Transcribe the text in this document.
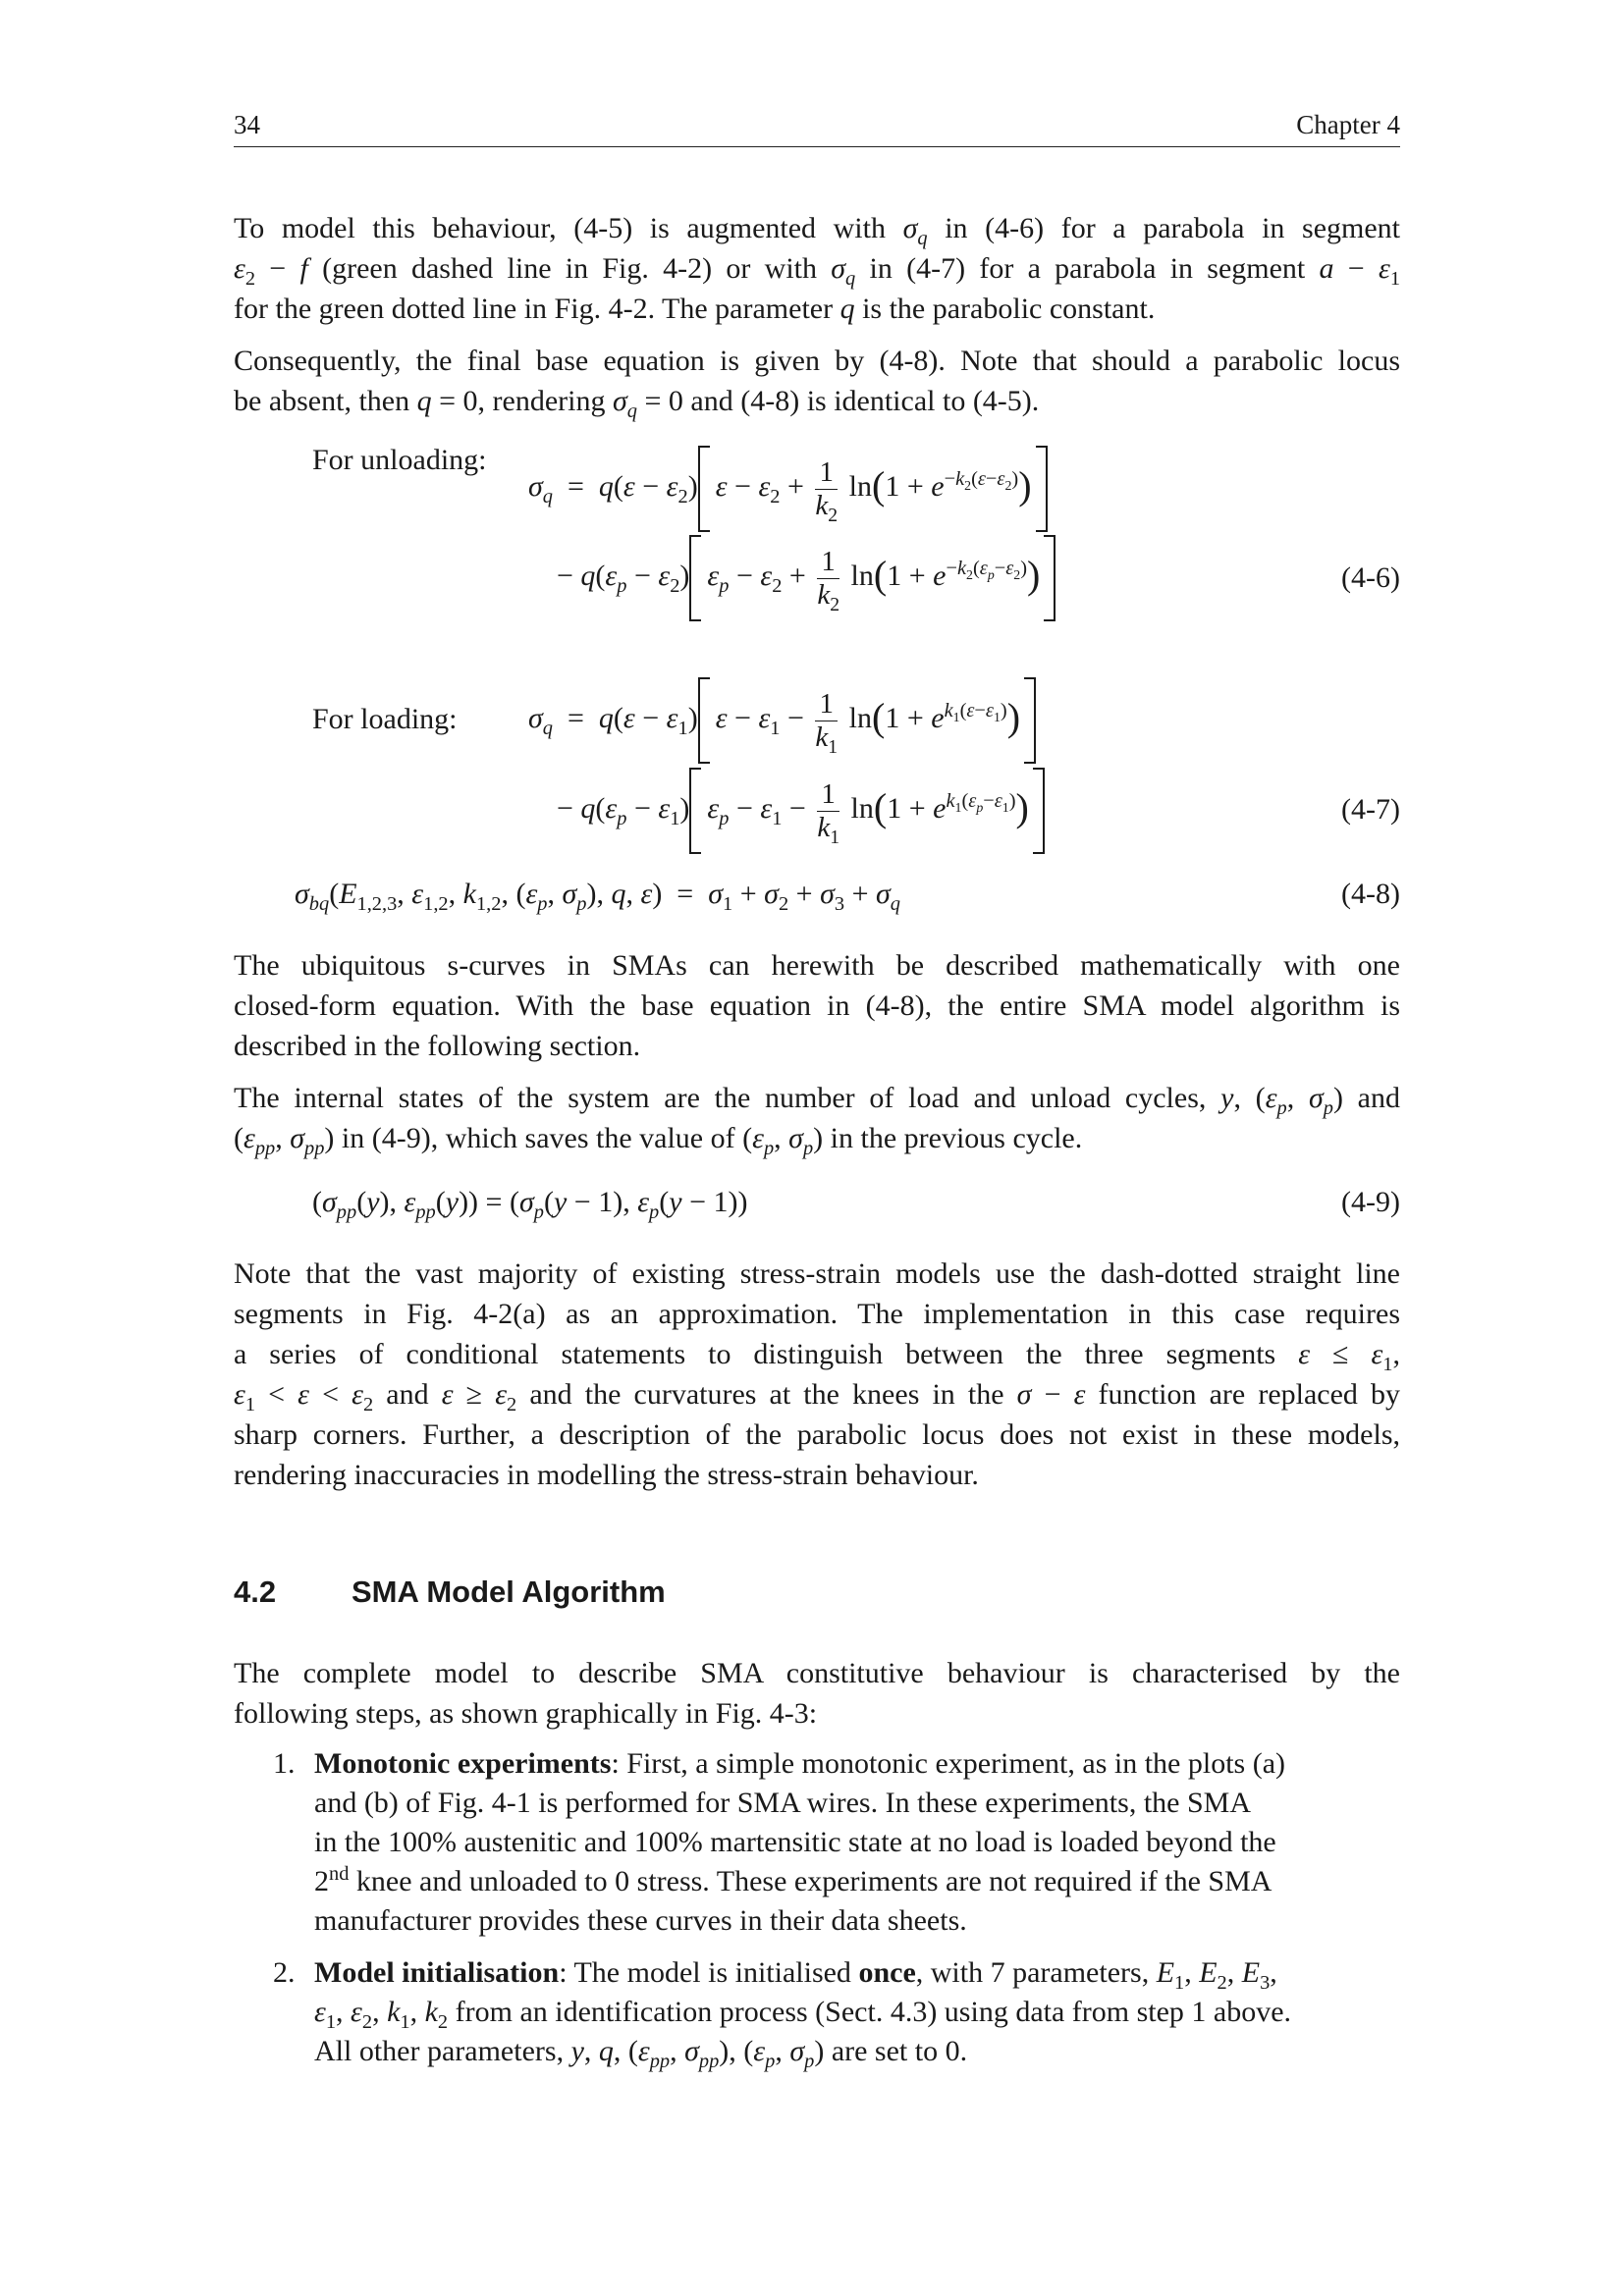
34	Chapter 4
To model this behaviour, (4-5) is augmented with $\sigma_q$ in (4-6) for a parabola in segment
$\varepsilon_2 - f$ (green dashed line in Fig. 4-2) or with $\sigma_q$ in (4-7) for a parabola in segment $a - \varepsilon_1$
for the green dotted line in Fig. 4-2. The parameter q is the parabolic constant.
Consequently, the final base equation is given by (4-8). Note that should a parabolic locus
be absent, then q = 0, rendering $\sigma_q = 0$ and (4-8) is identical to (4-5).
For unloading:
$\sigma_q = q(\varepsilon - \varepsilon_2) \varepsilon - \varepsilon_2 + \frac{1}{k_2} \ln(1 + e^{-k_2(\varepsilon-\varepsilon_2)})$
− $q(\varepsilon_p - \varepsilon_2) \varepsilon_p - \varepsilon_2 + \frac{1}{k_2} \ln(1 + e^{-k_2(\varepsilon_p-\varepsilon_2)})$	(4-6)
For loading: $\sigma_q = q(\varepsilon - \varepsilon_1) \varepsilon - \varepsilon_1 - \frac{1}{k_1} \ln(1 + e^{k_1(\varepsilon-\varepsilon_1)})$
− $q(\varepsilon_p - \varepsilon_1) \varepsilon_p - \varepsilon_1 - \frac{1}{k_1} \ln(1 + e^{k_1(\varepsilon_p-\varepsilon_1)})$	(4-7)
$\sigma_{bq}(E_{1,2,3}$, $\varepsilon_{1,2}$, $k_{1,2}$, ($\varepsilon_p$, $\sigma_p$), q, $\varepsilon) = \sigma_1 + \sigma_2 + \sigma_3 + \sigma_q$	(4-8)
The ubiquitous s-curves in SMAs can herewith be described mathematically with one
closed-form equation. With the base equation in (4-8), the entire SMA model algorithm is
described in the following section.
The internal states of the system are the number of load and unload cycles, y, ($\varepsilon_p$, $\sigma_p$) and
($\varepsilon_{pp}$, $\sigma_{pp}$) in (4-9), which saves the value of ($\varepsilon_p$, $\sigma_p$) in the previous cycle.
($\sigma_{pp}(y)$, $\varepsilon_{pp}(y)) = (\sigma_p(y - 1)$, $\varepsilon_p(y - 1)$)	(4-9)
Note that the vast majority of existing stress-strain models use the dash-dotted straight line
segments in Fig. 4-2(a) as an approximation. The implementation in this case requires
a series of conditional statements to distinguish between the three segments $\varepsilon \le \varepsilon_1$,
$\varepsilon_1 < \varepsilon < \varepsilon_2$ and $\varepsilon \ge \varepsilon_2$ and the curvatures at the knees in the σ − ε function are replaced by
sharp corners. Further, a description of the parabolic locus does not exist in these models,
rendering inaccuracies in modelling the stress-strain behaviour.
4.2 SMA Model Algorithm
The complete model to describe SMA constitutive behaviour is characterised by the
following steps, as shown graphically in Fig. 4-3:
1. Monotonic experiments: First, a simple monotonic experiment, as in the plots (a)
and (b) of Fig. 4-1 is performed for SMA wires. In these experiments, the SMA
in the 100% austenitic and 100% martensitic state at no load is loaded beyond the
2nd knee and unloaded to 0 stress. These experiments are not required if the SMA
manufacturer provides these curves in their data sheets.
2. Model initialisation: The model is initialised once, with 7 parameters, $E_1$, $E_2$, $E_3$,
$\varepsilon_1$, $\varepsilon_2$, $k_1$, $k_2$ from an identification process (Sect. 4.3) using data from step 1 above.
All other parameters, y, q, ($\varepsilon_{pp}$, $\sigma_{pp}$), ($\varepsilon_p$, $\sigma_p$) are set to 0.
